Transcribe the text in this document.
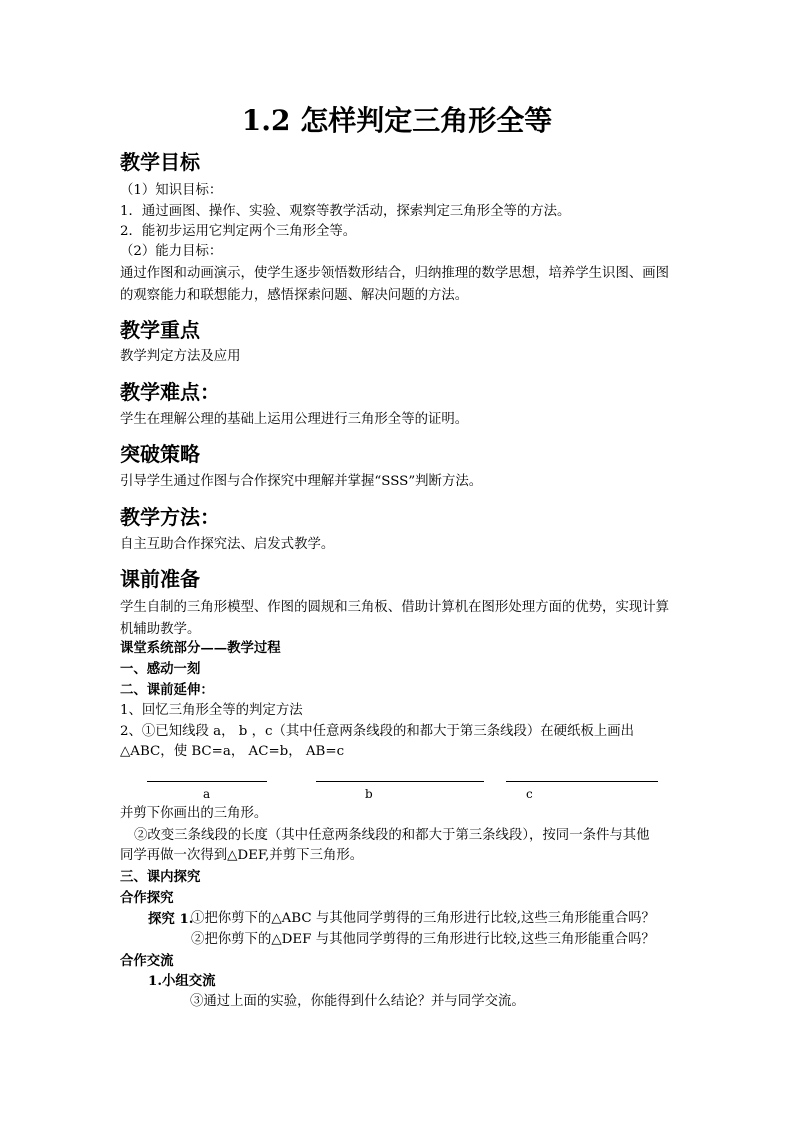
1.2 怎样判定三角形全等
教学目标

（1）知识目标：

1．通过画图、操作、实验、观察等教学活动，探索判定三角形全等的方法。

2．能初步运用它判定两个三角形全等。

（2）能力目标：

通过作图和动画演示，使学生逐步领悟数形结合，归纳推理的数学思想，培养学生识图、画图的观察能力和联想能力，感悟探索问题、解决问题的方法。

教学重点

教学判定方法及应用

教学难点：

学生在理解公理的基础上运用公理进行三角形全等的证明。

突破策略

引导学生通过作图与合作探究中理解并掌握“SSS”判断方法。

教学方法：

自主互助合作探究法、启发式教学。

课前准备

学生自制的三角形模型、作图的圆规和三角板、借助计算机在图形处理方面的优势，实现计算机辅助教学。

课堂系统部分——教学过程

一、感动一刻

二、课前延伸：

1、回忆三角形全等的判定方法

2、①已知线段 a， b ，c（其中任意两条线段的和都大于第三条线段）在硬纸板上画出

△ABC，使 BC=a， AC=b， AB=c

a	b	c

并剪下你画出的三角形。

②改变三条线段的长度（其中任意两条线段的和都大于第三条线段），按同一条件与其他

同学再做一次得到△DEF,并剪下三角形。

三、课内探究

合作探究

探究 1.

①把你剪下的△ABC 与其他同学剪得的三角形进行比较,这些三角形能重合吗？

②把你剪下的△DEF 与其他同学剪得的三角形进行比较,这些三角形能重合吗？

合作交流

1.小组交流

③通过上面的实验，你能得到什么结论？并与同学交流。
